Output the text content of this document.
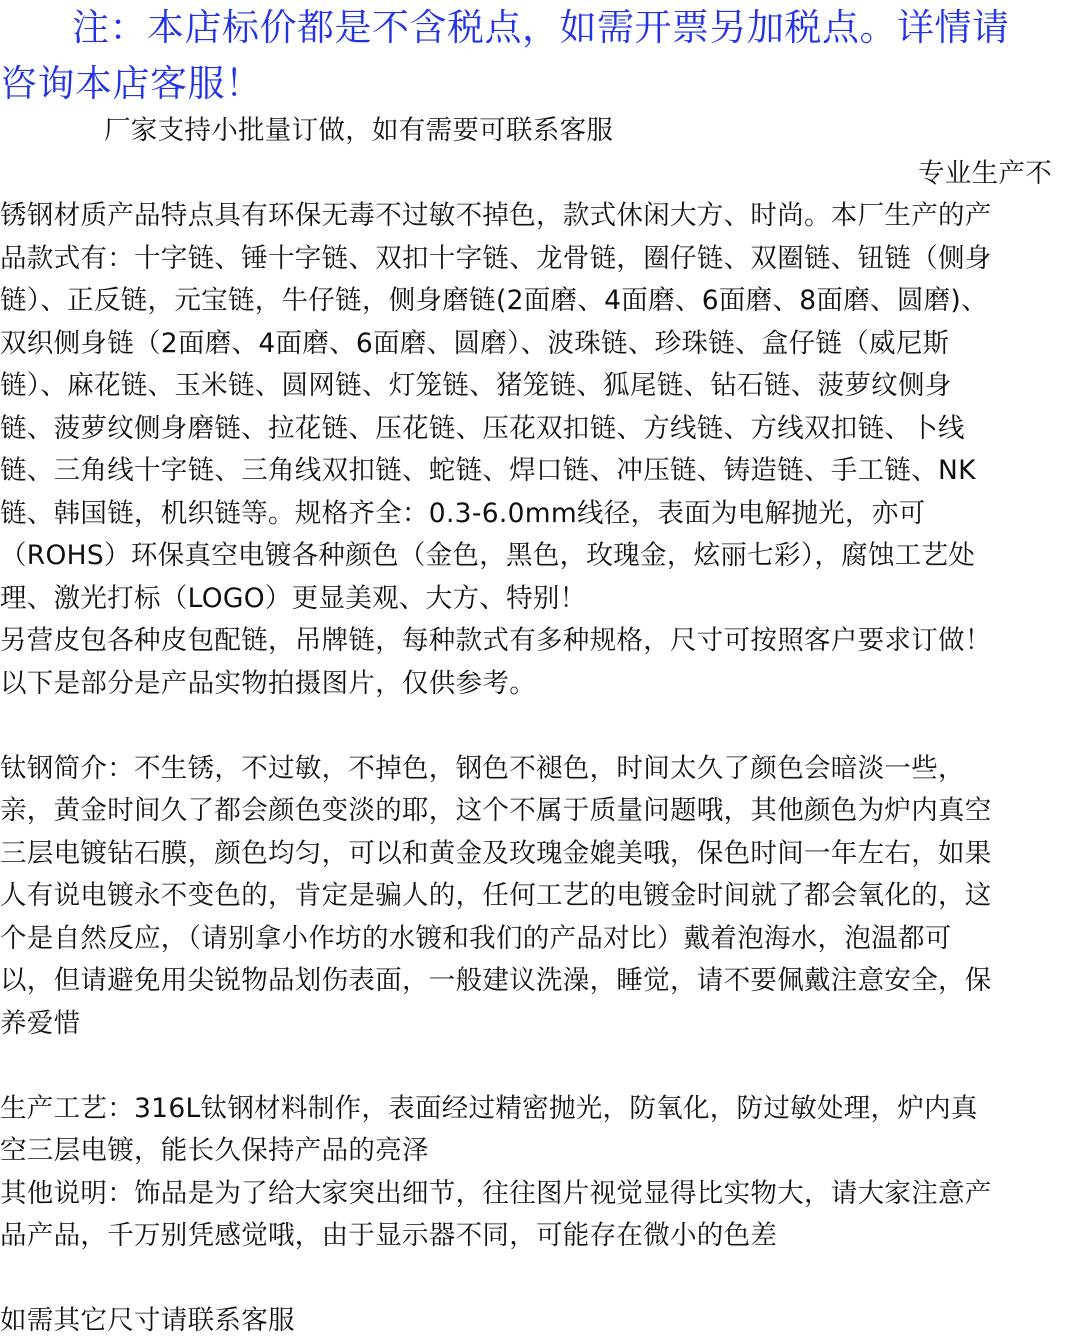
注：本店标价都是不含税点，如需开票另加税点。详情请
咨询本店客服！
厂家支持小批量订做，如有需要可联系客服
专业生产不
锈钢材质产品特点具有环保无毒不过敏不掉色，款式休闲大方、时尚。本厂生产的产
品款式有：十字链、锤十字链、双扣十字链、龙骨链，圈仔链、双圈链、钮链（侧身
链）、正反链，元宝链，牛仔链，侧身磨链(2面磨、4面磨、6面磨、8面磨、圆磨)、
双织侧身链（2面磨、4面磨、6面磨、圆磨）、波珠链、珍珠链、盒仔链（威尼斯
链）、麻花链、玉米链、圆网链、灯笼链、猪笼链、狐尾链、钻石链、菠萝纹侧身
链、菠萝纹侧身磨链、拉花链、压花链、压花双扣链、方线链、方线双扣链、卜线
链、三角线十字链、三角线双扣链、蛇链、焊口链、冲压链、铸造链、手工链、NK
链、韩国链，机织链等。规格齐全：0.3-6.0mm线径，表面为电解抛光，亦可
（ROHS）环保真空电镀各种颜色（金色，黑色，玫瑰金，炫丽七彩），腐蚀工艺处
理、激光打标（LOGO）更显美观、大方、特别！
另营皮包各种皮包配链，吊牌链，每种款式有多种规格，尺寸可按照客户要求订做！
以下是部分是产品实物拍摄图片，仅供参考。
钛钢简介：不生锈，不过敏，不掉色，钢色不褪色，时间太久了颜色会暗淡一些，
亲，黄金时间久了都会颜色变淡的耶，这个不属于质量问题哦，其他颜色为炉内真空
三层电镀钻石膜，颜色均匀，可以和黄金及玫瑰金媲美哦，保色时间一年左右，如果
人有说电镀永不变色的，肯定是骗人的，任何工艺的电镀金时间就了都会氧化的，这
个是自然反应，（请别拿小作坊的水镀和我们的产品对比）戴着泡海水，泡温都可
以，但请避免用尖锐物品划伤表面，一般建议洗澡，睡觉，请不要佩戴注意安全，保
养爱惜
生产工艺：316L钛钢材料制作，表面经过精密抛光，防氧化，防过敏处理，炉内真
空三层电镀，能长久保持产品的亮泽
其他说明：饰品是为了给大家突出细节，往往图片视觉显得比实物大，请大家注意产
品产品，千万别凭感觉哦，由于显示器不同，可能存在微小的色差
如需其它尺寸请联系客服
